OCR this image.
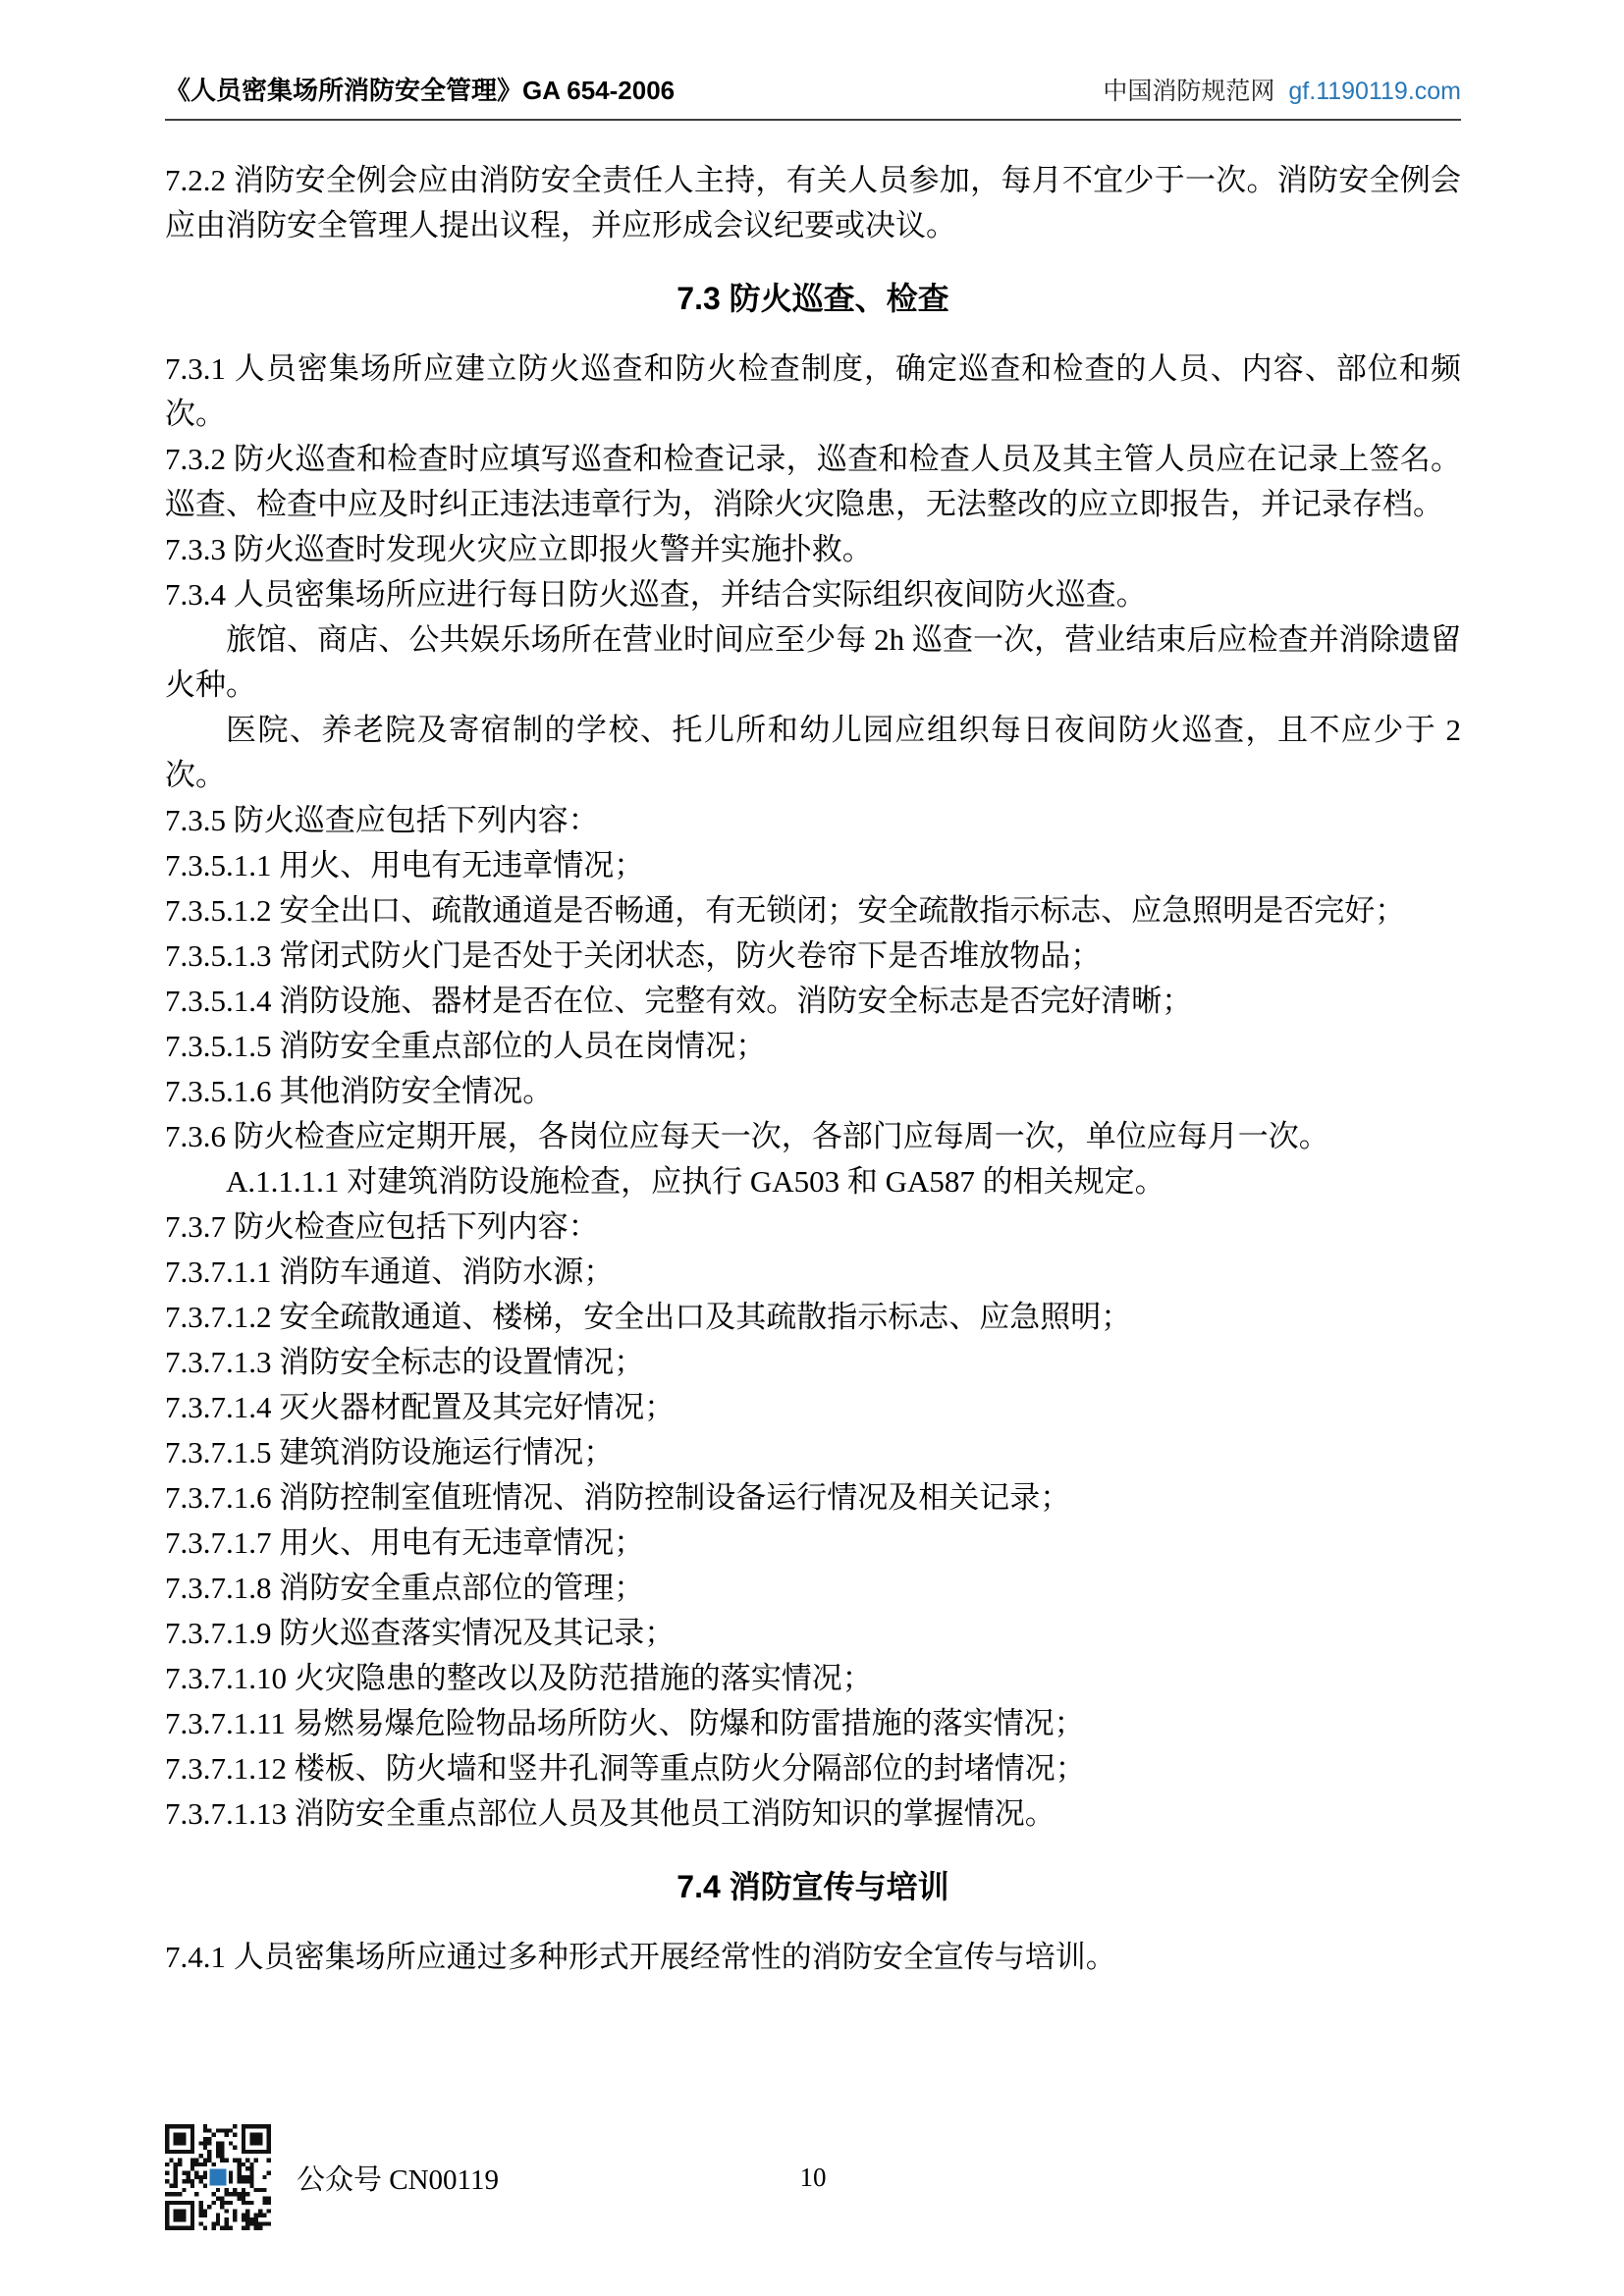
《人员密集场所消防安全管理》GA 654-2006	中国消防规范网 gf.1190119.com
7.2.2 消防安全例会应由消防安全责任人主持，有关人员参加，每月不宜少于一次。消防安全例会应由消防安全管理人提出议程，并应形成会议纪要或决议。
7.3 防火巡查、检查
7.3.1 人员密集场所应建立防火巡查和防火检查制度，确定巡查和检查的人员、内容、部位和频次。
7.3.2 防火巡查和检查时应填写巡查和检查记录，巡查和检查人员及其主管人员应在记录上签名。巡查、检查中应及时纠正违法违章行为，消除火灾隐患，无法整改的应立即报告，并记录存档。
7.3.3 防火巡查时发现火灾应立即报火警并实施扑救。
7.3.4 人员密集场所应进行每日防火巡查，并结合实际组织夜间防火巡查。
旅馆、商店、公共娱乐场所在营业时间应至少每 2h 巡查一次，营业结束后应检查并消除遗留火种。
医院、养老院及寄宿制的学校、托儿所和幼儿园应组织每日夜间防火巡查，且不应少于 2 次。
7.3.5 防火巡查应包括下列内容：
7.3.5.1.1 用火、用电有无违章情况；
7.3.5.1.2 安全出口、疏散通道是否畅通，有无锁闭；安全疏散指示标志、应急照明是否完好；
7.3.5.1.3 常闭式防火门是否处于关闭状态，防火卷帘下是否堆放物品；
7.3.5.1.4 消防设施、器材是否在位、完整有效。消防安全标志是否完好清晰；
7.3.5.1.5 消防安全重点部位的人员在岗情况；
7.3.5.1.6 其他消防安全情况。
7.3.6 防火检查应定期开展，各岗位应每天一次，各部门应每周一次，单位应每月一次。
A.1.1.1.1 对建筑消防设施检查，应执行 GA503 和 GA587 的相关规定。
7.3.7 防火检查应包括下列内容：
7.3.7.1.1 消防车通道、消防水源；
7.3.7.1.2 安全疏散通道、楼梯，安全出口及其疏散指示标志、应急照明；
7.3.7.1.3 消防安全标志的设置情况；
7.3.7.1.4 灭火器材配置及其完好情况；
7.3.7.1.5 建筑消防设施运行情况；
7.3.7.1.6 消防控制室值班情况、消防控制设备运行情况及相关记录；
7.3.7.1.7 用火、用电有无违章情况；
7.3.7.1.8 消防安全重点部位的管理；
7.3.7.1.9 防火巡查落实情况及其记录；
7.3.7.1.10 火灾隐患的整改以及防范措施的落实情况；
7.3.7.1.11 易燃易爆危险物品场所防火、防爆和防雷措施的落实情况；
7.3.7.1.12 楼板、防火墙和竖井孔洞等重点防火分隔部位的封堵情况；
7.3.7.1.13 消防安全重点部位人员及其他员工消防知识的掌握情况。
7.4 消防宣传与培训
7.4.1 人员密集场所应通过多种形式开展经常性的消防安全宣传与培训。
公众号 CN00119	10
